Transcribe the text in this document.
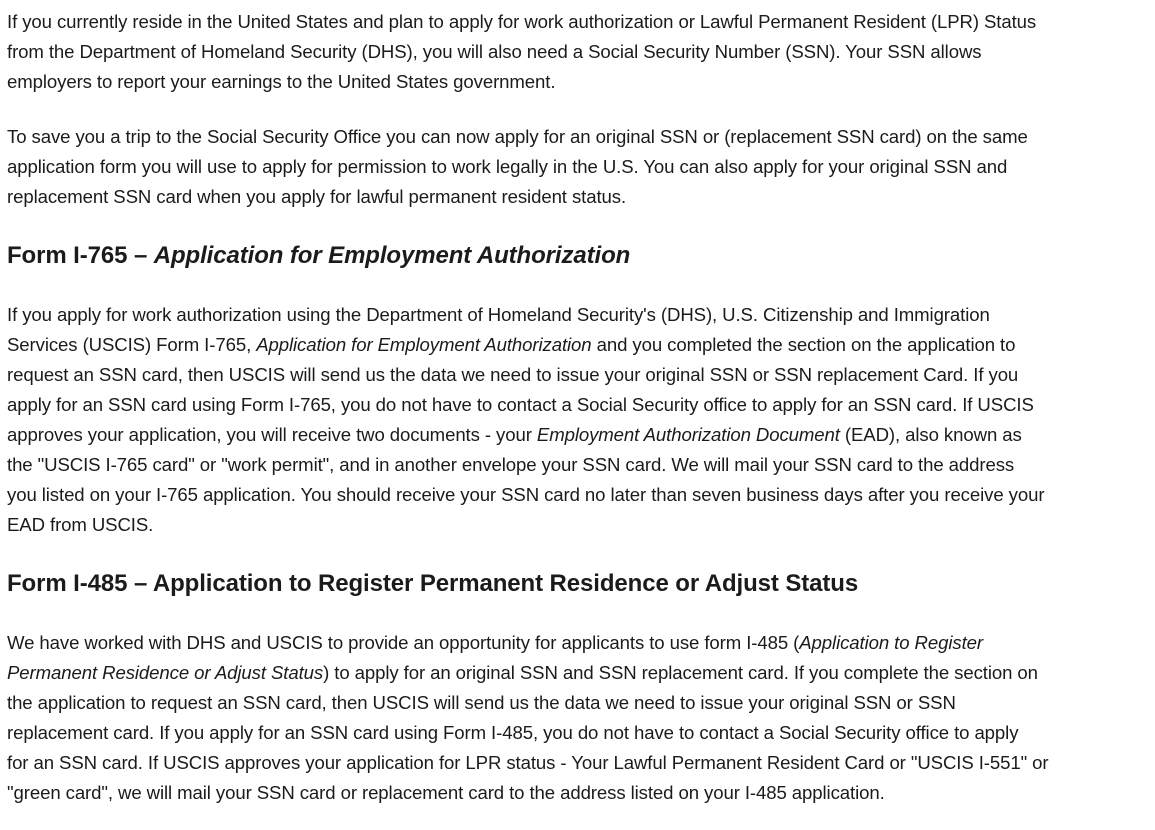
If you currently reside in the United States and plan to apply for work authorization or Lawful Permanent Resident (LPR) Status
from the Department of Homeland Security (DHS), you will also need a Social Security Number (SSN). Your SSN allows
employers to report your earnings to the United States government.

To save you a trip to the Social Security Office you can now apply for an original SSN or (replacement SSN card) on the same
application form you will use to apply for permission to work legally in the U.S. You can also apply for your original SSN and
replacement SSN card when you apply for lawful permanent resident status.

Form I-765 – Application for Employment Authorization

If you apply for work authorization using the Department of Homeland Security's (DHS), U.S. Citizenship and Immigration
Services (USCIS) Form I-765, Application for Employment Authorization and you completed the section on the application to
request an SSN card, then USCIS will send us the data we need to issue your original SSN or SSN replacement Card. If you
apply for an SSN card using Form I-765, you do not have to contact a Social Security office to apply for an SSN card. If USCIS
approves your application, you will receive two documents - your Employment Authorization Document (EAD), also known as
the "USCIS I-765 card" or "work permit", and in another envelope your SSN card. We will mail your SSN card to the address
you listed on your I-765 application. You should receive your SSN card no later than seven business days after you receive your
EAD from USCIS.

Form I-485 – Application to Register Permanent Residence or Adjust Status

We have worked with DHS and USCIS to provide an opportunity for applicants to use form I-485 (Application to Register
Permanent Residence or Adjust Status) to apply for an original SSN and SSN replacement card. If you complete the section on
the application to request an SSN card, then USCIS will send us the data we need to issue your original SSN or SSN
replacement card. If you apply for an SSN card using Form I-485, you do not have to contact a Social Security office to apply
for an SSN card. If USCIS approves your application for LPR status - Your Lawful Permanent Resident Card or "USCIS I-551" or
"green card", we will mail your SSN card or replacement card to the address listed on your I-485 application.
